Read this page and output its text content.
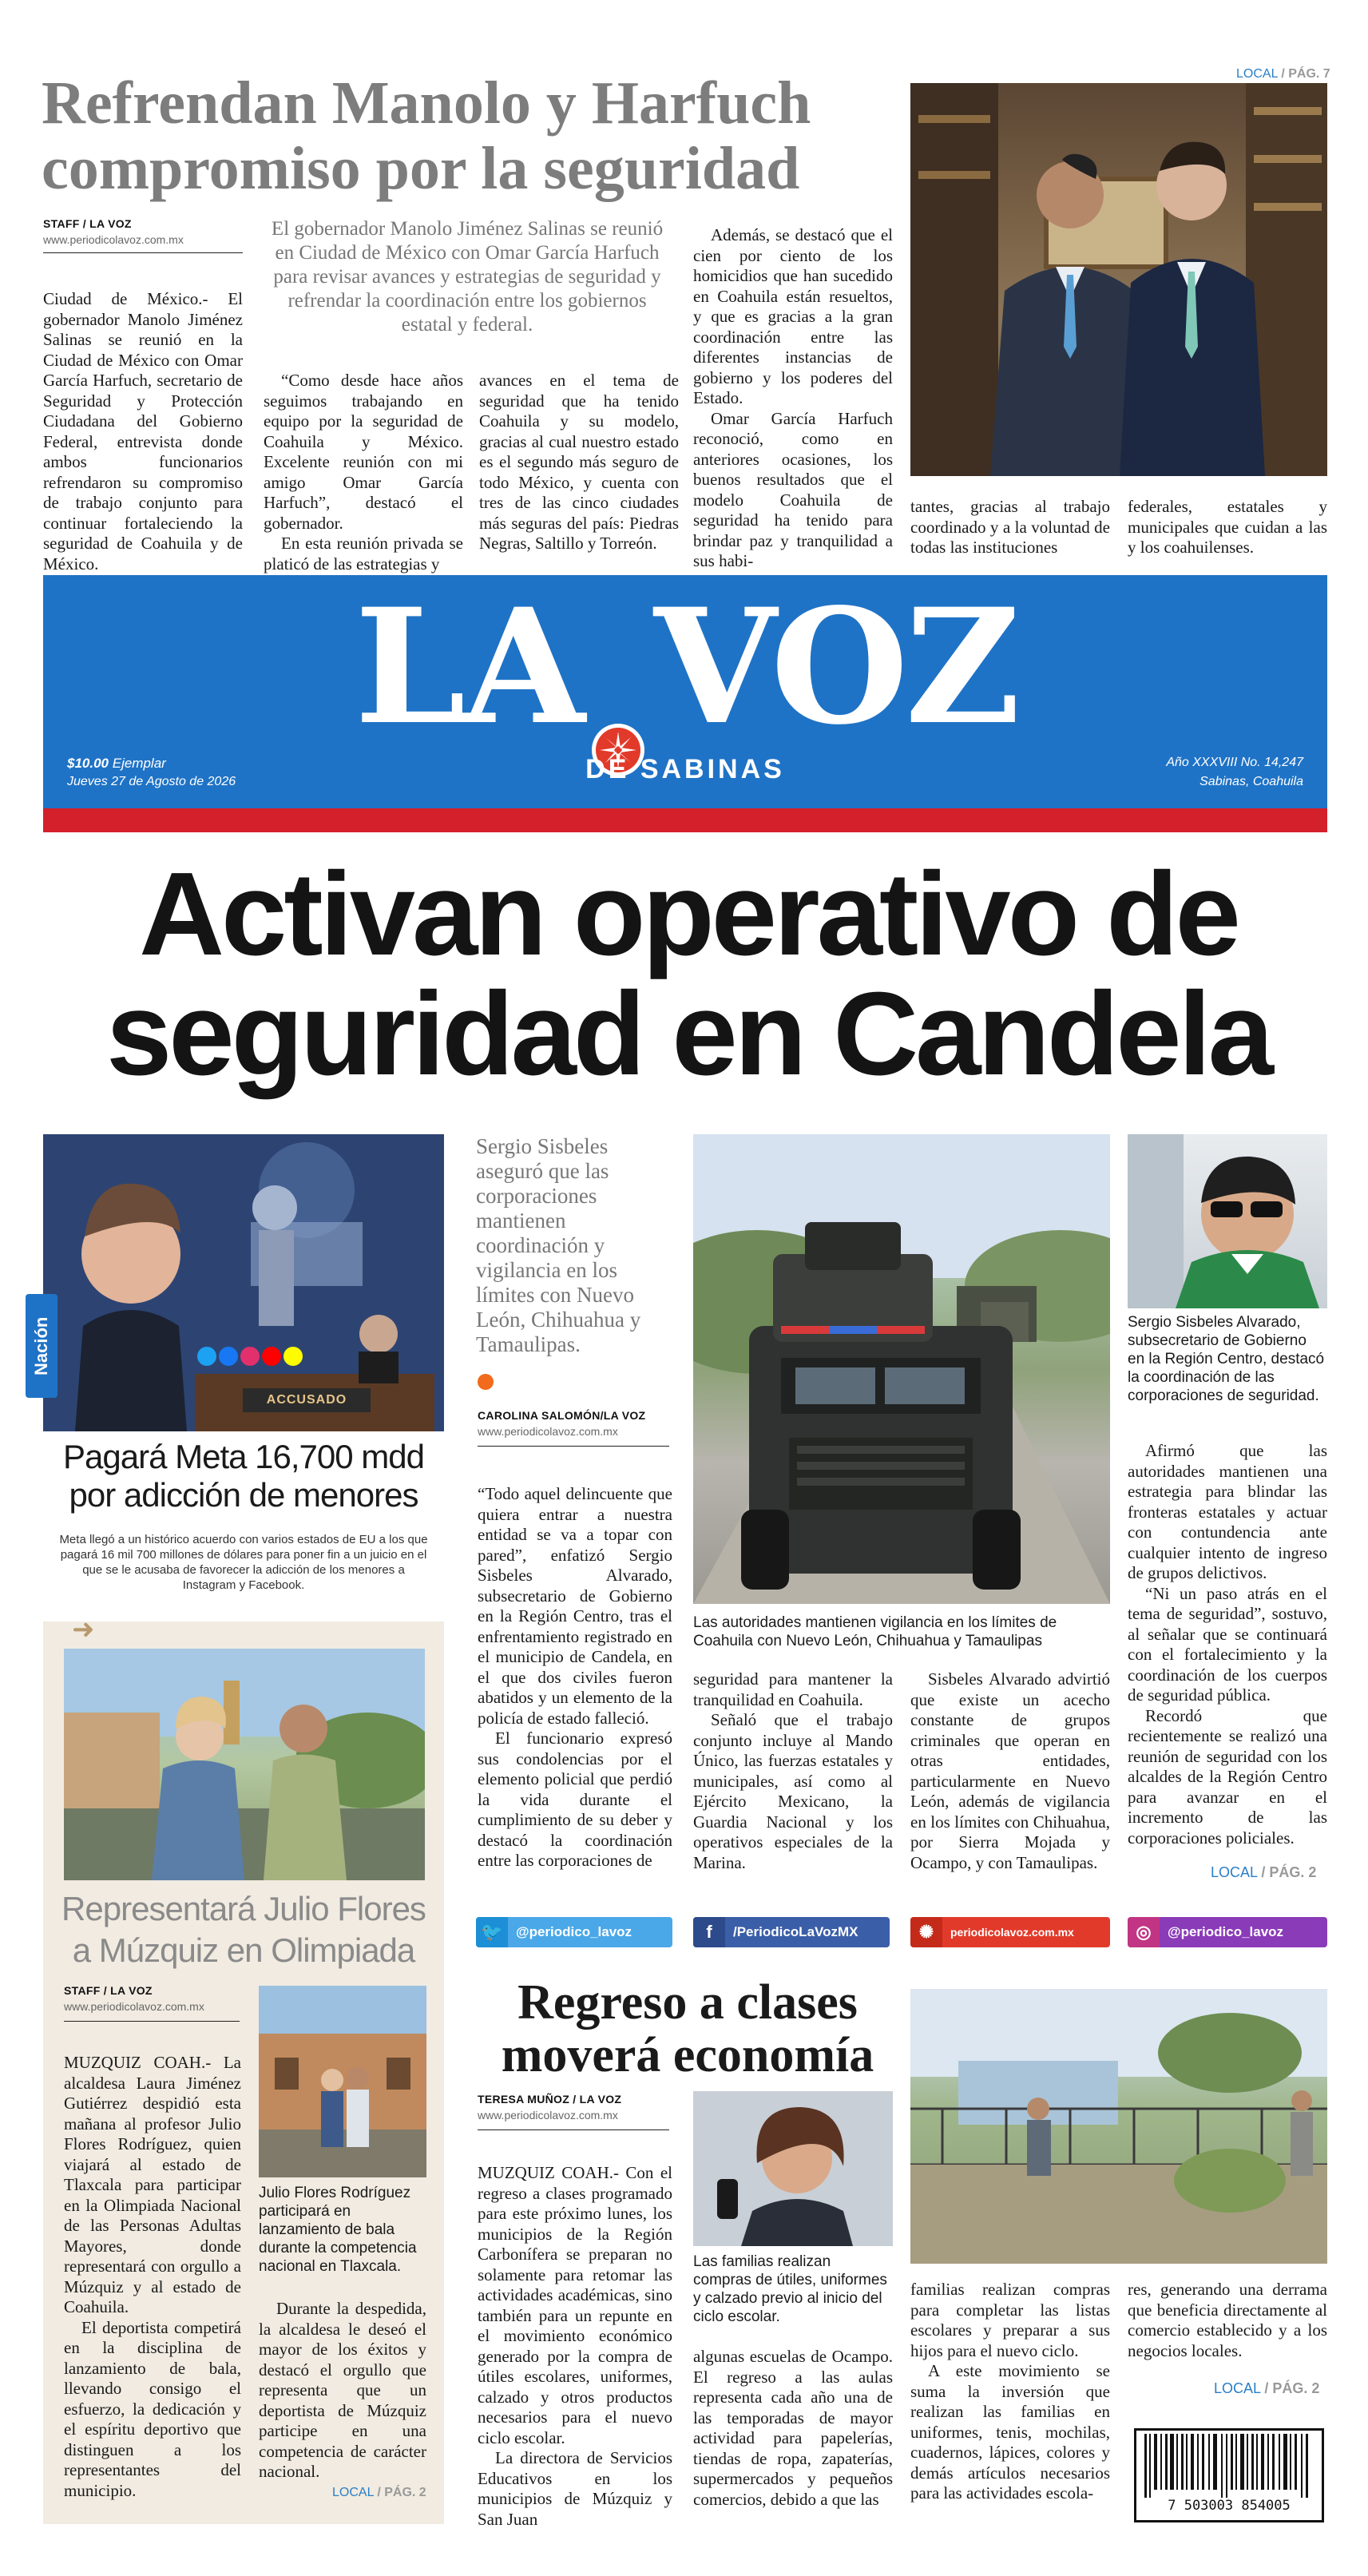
Refrendan Manolo y Harfuch compromiso por la seguridad
STAFF / LA VOZ
www.periodicolavoz.com.mx	El gobernador Manolo Jiménez Salinas se reunió en Ciudad de México con Omar García Harfuch para revisar avances y estrategias de seguridad y refrendar la coordinación entre los gobiernos estatal y federal.

Ciudad de México.- El gobernador Manolo Jiménez Salinas se reunió en la Ciudad de México con Omar García Harfuch, secretario de Seguridad y Protección Ciudadana del Gobierno Federal, entrevista donde ambos funcionarios refrendaron su compromiso de trabajo conjunto para continuar fortaleciendo la seguridad de Coahuila y de México.

“Como desde hace años seguimos trabajando en equipo por la seguridad de Coahuila y México. Excelente reunión con mi amigo Omar García Harfuch”, destacó el gobernador.

En esta reunión privada se platicó de las estrategias y

avances en el tema de seguridad que ha tenido Coahuila y su modelo, gracias al cual nuestro estado es el segundo más seguro de todo México, y cuenta con tres de las cinco ciudades más seguras del país: Piedras Negras, Saltillo y Torreón.

Además, se destacó que el cien por ciento de los homicidios que han sucedido en Coahuila están resueltos, y que es gracias a la gran coordinación entre las diferentes instancias de gobierno y los poderes del Estado.

Omar García Harfuch reconoció, como en anteriores ocasiones, los buenos resultados que el modelo Coahuila de seguridad ha tenido para brindar paz y tranquilidad a sus habi-

tantes, gracias al trabajo coordinado y a la voluntad de todas las instituciones

federales, estatales y municipales que cuidan a las y los coahuilenses.

LOCAL / PÁG. 7
LA VOZ
DE SABINAS
$10.00 Ejemplar
Jueves 27 de Agosto de 2026
Año XXXVIII No. 14,247
Sabinas, Coahuila
Activan operativo de seguridad en Candela
ACCUSADO
Nación
Pagará Meta 16,700 mdd por adicción de menores
Meta llegó a un histórico acuerdo con varios estados de EU a los que pagará 16 mil 700 millones de dólares para poner fin a un juicio en el que se le acusaba de favorecer la adicción de los menores a Instagram y Facebook.
Sergio Sisbeles aseguró que las corporaciones mantienen coordinación y vigilancia en los límites con Nuevo León, Chihuahua y Tamaulipas.
CAROLINA SALOMÓN/LA VOZ
www.periodicolavoz.com.mx

“Todo aquel delincuente que quiera entrar a nuestra entidad se va a topar con pared”, enfatizó Sergio Sisbeles Alvarado, subsecretario de Gobierno en la Región Centro, tras el enfrentamiento registrado en el municipio de Candela, en el que dos civiles fueron abatidos y un elemento de la policía de estado falleció.

El funcionario expresó sus condolencias por el elemento policial que perdió la vida durante el cumplimiento de su deber y destacó la coordinación entre las corporaciones de

Las autoridades mantienen vigilancia en los límites de Coahuila con Nuevo León, Chihuahua y Tamaulipas

seguridad para mantener la tranquilidad en Coahuila.

Señaló que el trabajo conjunto incluye al Mando Único, las fuerzas estatales y municipales, así como al Ejército Mexicano, la Guardia Nacional y los operativos especiales de la Marina.

Sisbeles Alvarado advirtió que existe un acecho constante de grupos criminales que operan en otras entidades, particularmente en Nuevo León, además de vigilancia en los límites con Chihuahua, por Sierra Mojada y Ocampo, y con Tamaulipas.

Sergio Sisbeles Alvarado, subsecretario de Gobierno en la Región Centro, destacó la coordinación de las corporaciones de seguridad.

Afirmó que las autoridades mantienen una estrategia para blindar las fronteras estatales y actuar con contundencia ante cualquier intento de ingreso de grupos delictivos.

“Ni un paso atrás en el tema de seguridad”, sostuvo, al señalar que se continuará con el fortalecimiento y la coordinación de los cuerpos de seguridad pública.

Recordó que recientemente se realizó una reunión de seguridad con los alcaldes de la Región Centro para avanzar en el incremento de las corporaciones policiales.

LOCAL / PÁG. 2
➜
Representará Julio Flores a Múzquiz en Olimpiada
STAFF / LA VOZ
www.periodicolavoz.com.mx

MUZQUIZ COAH.- La alcaldesa Laura Jiménez Gutiérrez despidió esta mañana al profesor Julio Flores Rodríguez, quien viajará al estado de Tlaxcala para participar en la Olimpiada Nacional de las Personas Adultas Mayores, donde representará con orgullo a Múzquiz y al estado de Coahuila.

El deportista competirá en la disciplina de lanzamiento de bala, llevando consigo el esfuerzo, la dedicación y el espíritu deportivo que distinguen a los representantes del municipio.

Julio Flores Rodríguez participará en lanzamiento de bala durante la competencia nacional en Tlaxcala.

Durante la despedida, la alcaldesa le deseó el mayor de los éxitos y destacó el orgullo que representa que un deportista de Múzquiz participe en una competencia de carácter nacional.

LOCAL / PÁG. 2
🐦 @periodico_lavoz	f	/PeriodicoLaVozMX	✺	periodicolavoz.com.mx	◎	@periodico_lavoz
Regreso a clases moverá economía
TERESA MUÑOZ / LA VOZ
www.periodicolavoz.com.mx

MUZQUIZ COAH.- Con el regreso a clases programado para este próximo lunes, los municipios de la Región Carbonífera se preparan no solamente para retomar las actividades académicas, sino también para un repunte en el movimiento económico generado por la compra de útiles escolares, uniformes, calzado y otros productos necesarios para el nuevo ciclo escolar.

La directora de Servicios Educativos en los municipios de Múzquiz y San Juan

Las familias realizan compras de útiles, uniformes y calzado previo al inicio del ciclo escolar.

algunas escuelas de Ocampo. El regreso a las aulas representa cada año una de las temporadas de mayor actividad para papelerías, tiendas de ropa, zapaterías, supermercados y pequeños comercios, debido a que las

familias realizan compras para completar las listas escolares y preparar a sus hijos para el nuevo ciclo.

A este movimiento se suma la inversión que realizan las familias en uniformes, tenis, mochilas, cuadernos, lápices, colores y demás artículos necesarios para las actividades escola-

res, generando una derrama que beneficia directamente al comercio establecido y a los negocios locales.

LOCAL / PÁG. 2
7 503003 854005
